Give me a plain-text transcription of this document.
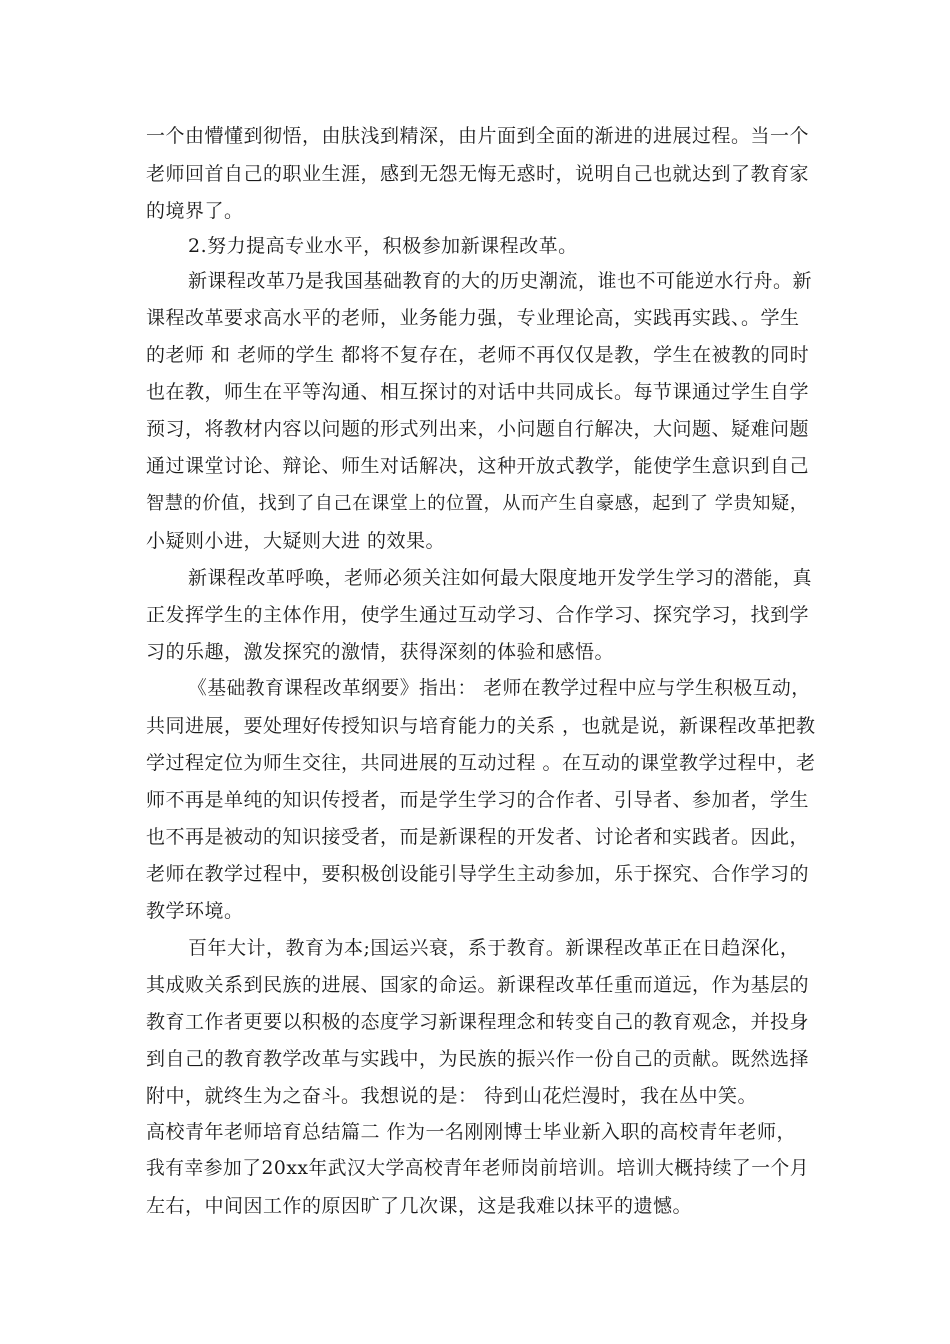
一个由懵懂到彻悟，由肤浅到精深，由片面到全面的渐进的进展过程。当一个
老师回首自己的职业生涯，感到无怨无悔无惑时，说明自己也就达到了教育家
的境界了。
2.努力提高专业水平，积极参加新课程改革。
新课程改革乃是我国基础教育的大的历史潮流，谁也不可能逆水行舟。新
课程改革要求高水平的老师，业务能力强，专业理论高，实践再实践、。学生
的老师 和 老师的学生 都将不复存在，老师不再仅仅是教，学生在被教的同时
也在教，师生在平等沟通、相互探讨的对话中共同成长。每节课通过学生自学
预习，将教材内容以问题的形式列出来，小问题自行解决，大问题、疑难问题
通过课堂讨论、辩论、师生对话解决，这种开放式教学，能使学生意识到自己
智慧的价值，找到了自己在课堂上的位置，从而产生自豪感，起到了 学贵知疑，
小疑则小进，大疑则大进 的效果。
新课程改革呼唤，老师必须关注如何最大限度地开发学生学习的潜能，真
正发挥学生的主体作用，使学生通过互动学习、合作学习、探究学习，找到学
习的乐趣，激发探究的激情，获得深刻的体验和感悟。
《基础教育课程改革纲要》指出： 老师在教学过程中应与学生积极互动，
共同进展，要处理好传授知识与培育能力的关系 ，也就是说，新课程改革把教
学过程定位为师生交往，共同进展的互动过程 。在互动的课堂教学过程中，老
师不再是单纯的知识传授者，而是学生学习的合作者、引导者、参加者，学生
也不再是被动的知识接受者，而是新课程的开发者、讨论者和实践者。因此，
老师在教学过程中，要积极创设能引导学生主动参加，乐于探究、合作学习的
教学环境。
百年大计，教育为本;国运兴衰，系于教育。新课程改革正在日趋深化，
其成败关系到民族的进展、国家的命运。新课程改革任重而道远，作为基层的
教育工作者更要以积极的态度学习新课程理念和转变自己的教育观念，并投身
到自己的教育教学改革与实践中，为民族的振兴作一份自己的贡献。既然选择
附中，就终生为之奋斗。我想说的是： 待到山花烂漫时，我在丛中笑。
高校青年老师培育总结篇二 作为一名刚刚博士毕业新入职的高校青年老师，
我有幸参加了20xx年武汉大学高校青年老师岗前培训。培训大概持续了一个月
左右，中间因工作的原因旷了几次课，这是我难以抹平的遗憾。
